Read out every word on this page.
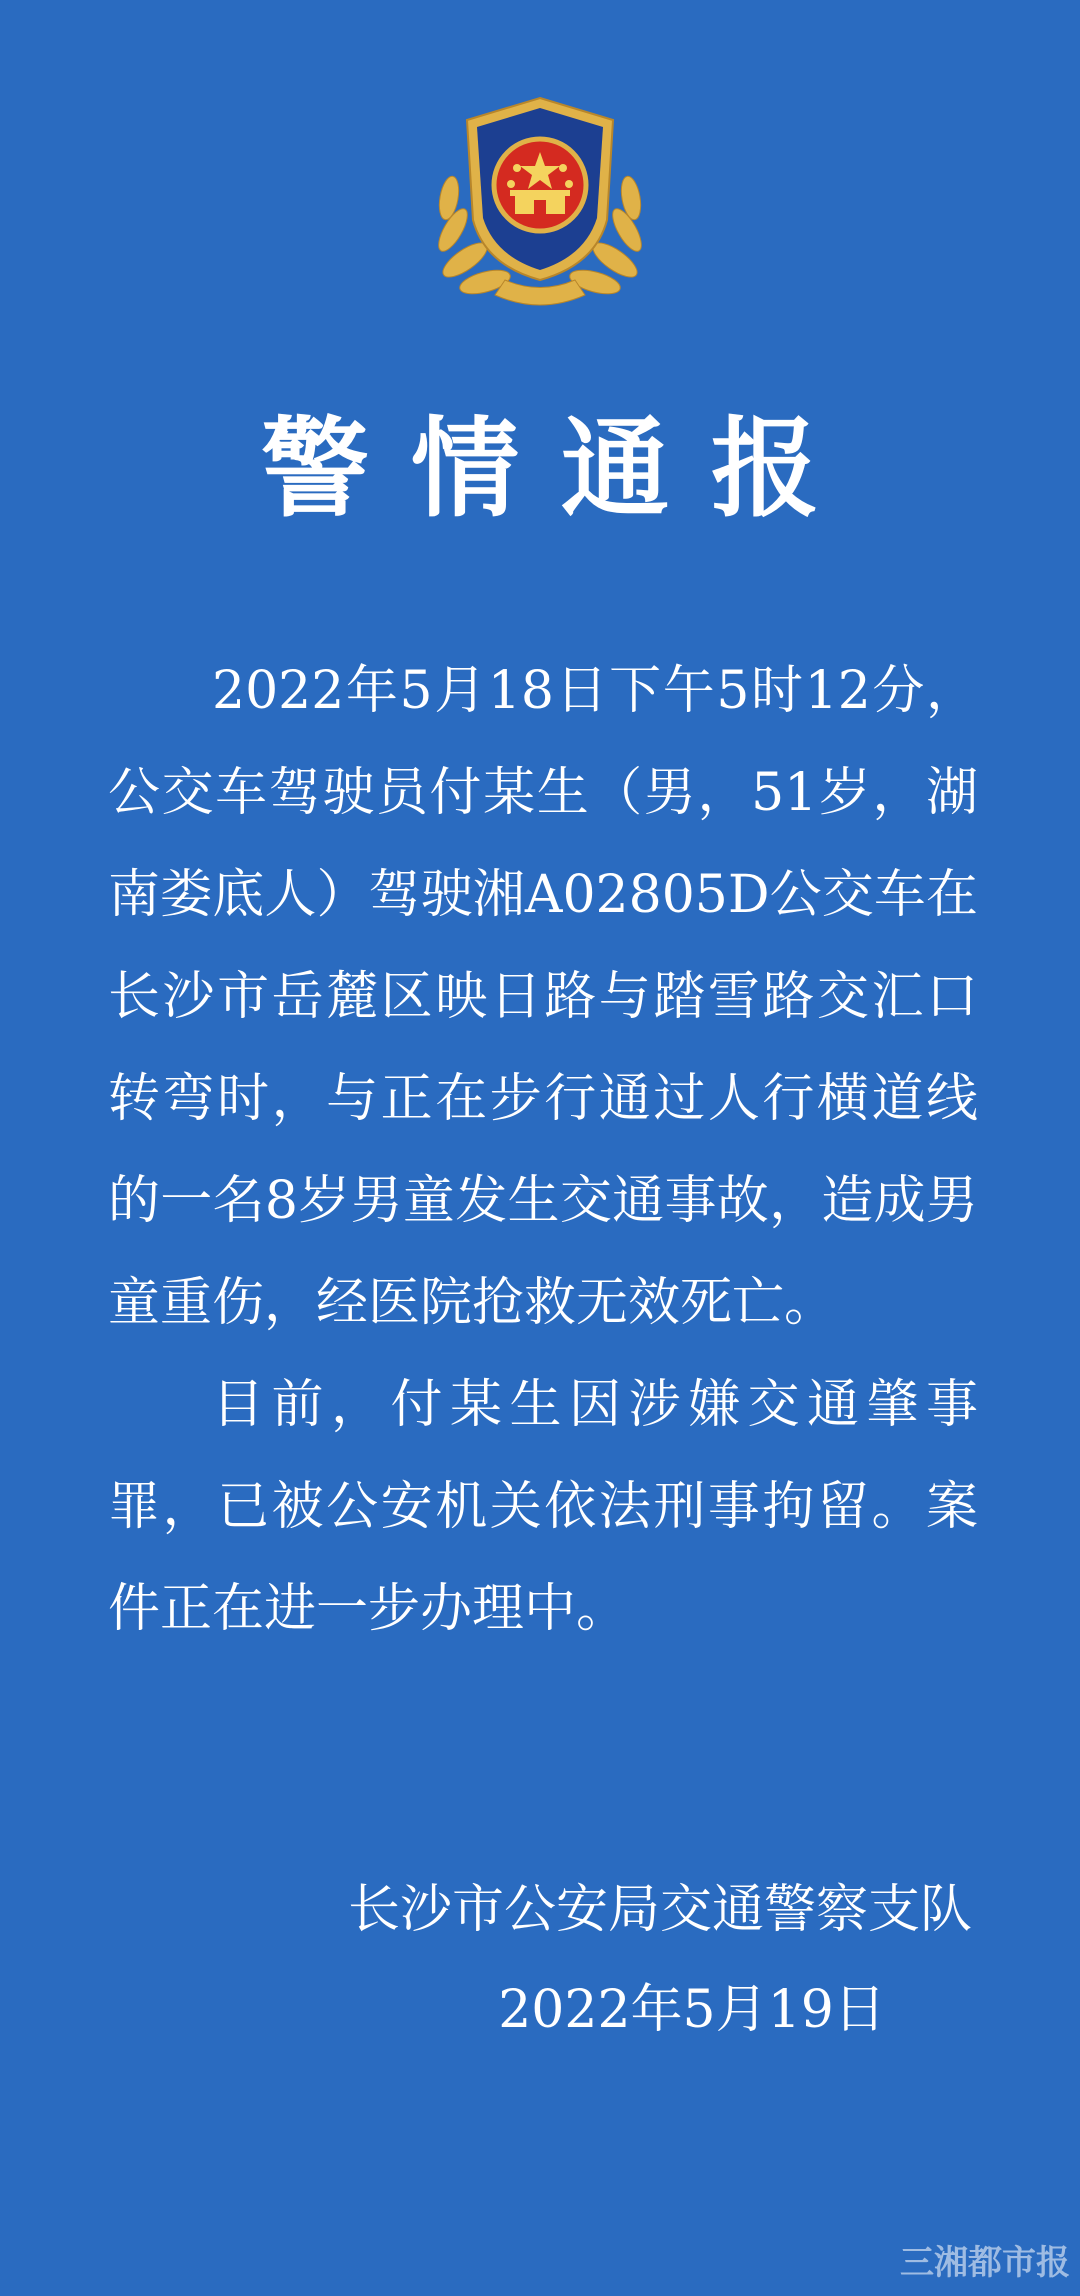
警情通报

2022年5月18日下午5时12分，公交车驾驶员付某生（男，51岁，湖南娄底人）驾驶湘A02805D公交车在长沙市岳麓区映日路与踏雪路交汇口转弯时，与正在步行通过人行横道线的一名8岁男童发生交通事故，造成男童重伤，经医院抢救无效死亡。

目前，付某生因涉嫌交通肇事罪，已被公安机关依法刑事拘留。案件正在进一步办理中。

长沙市公安局交通警察支队
2022年5月19日
三湘都市报
